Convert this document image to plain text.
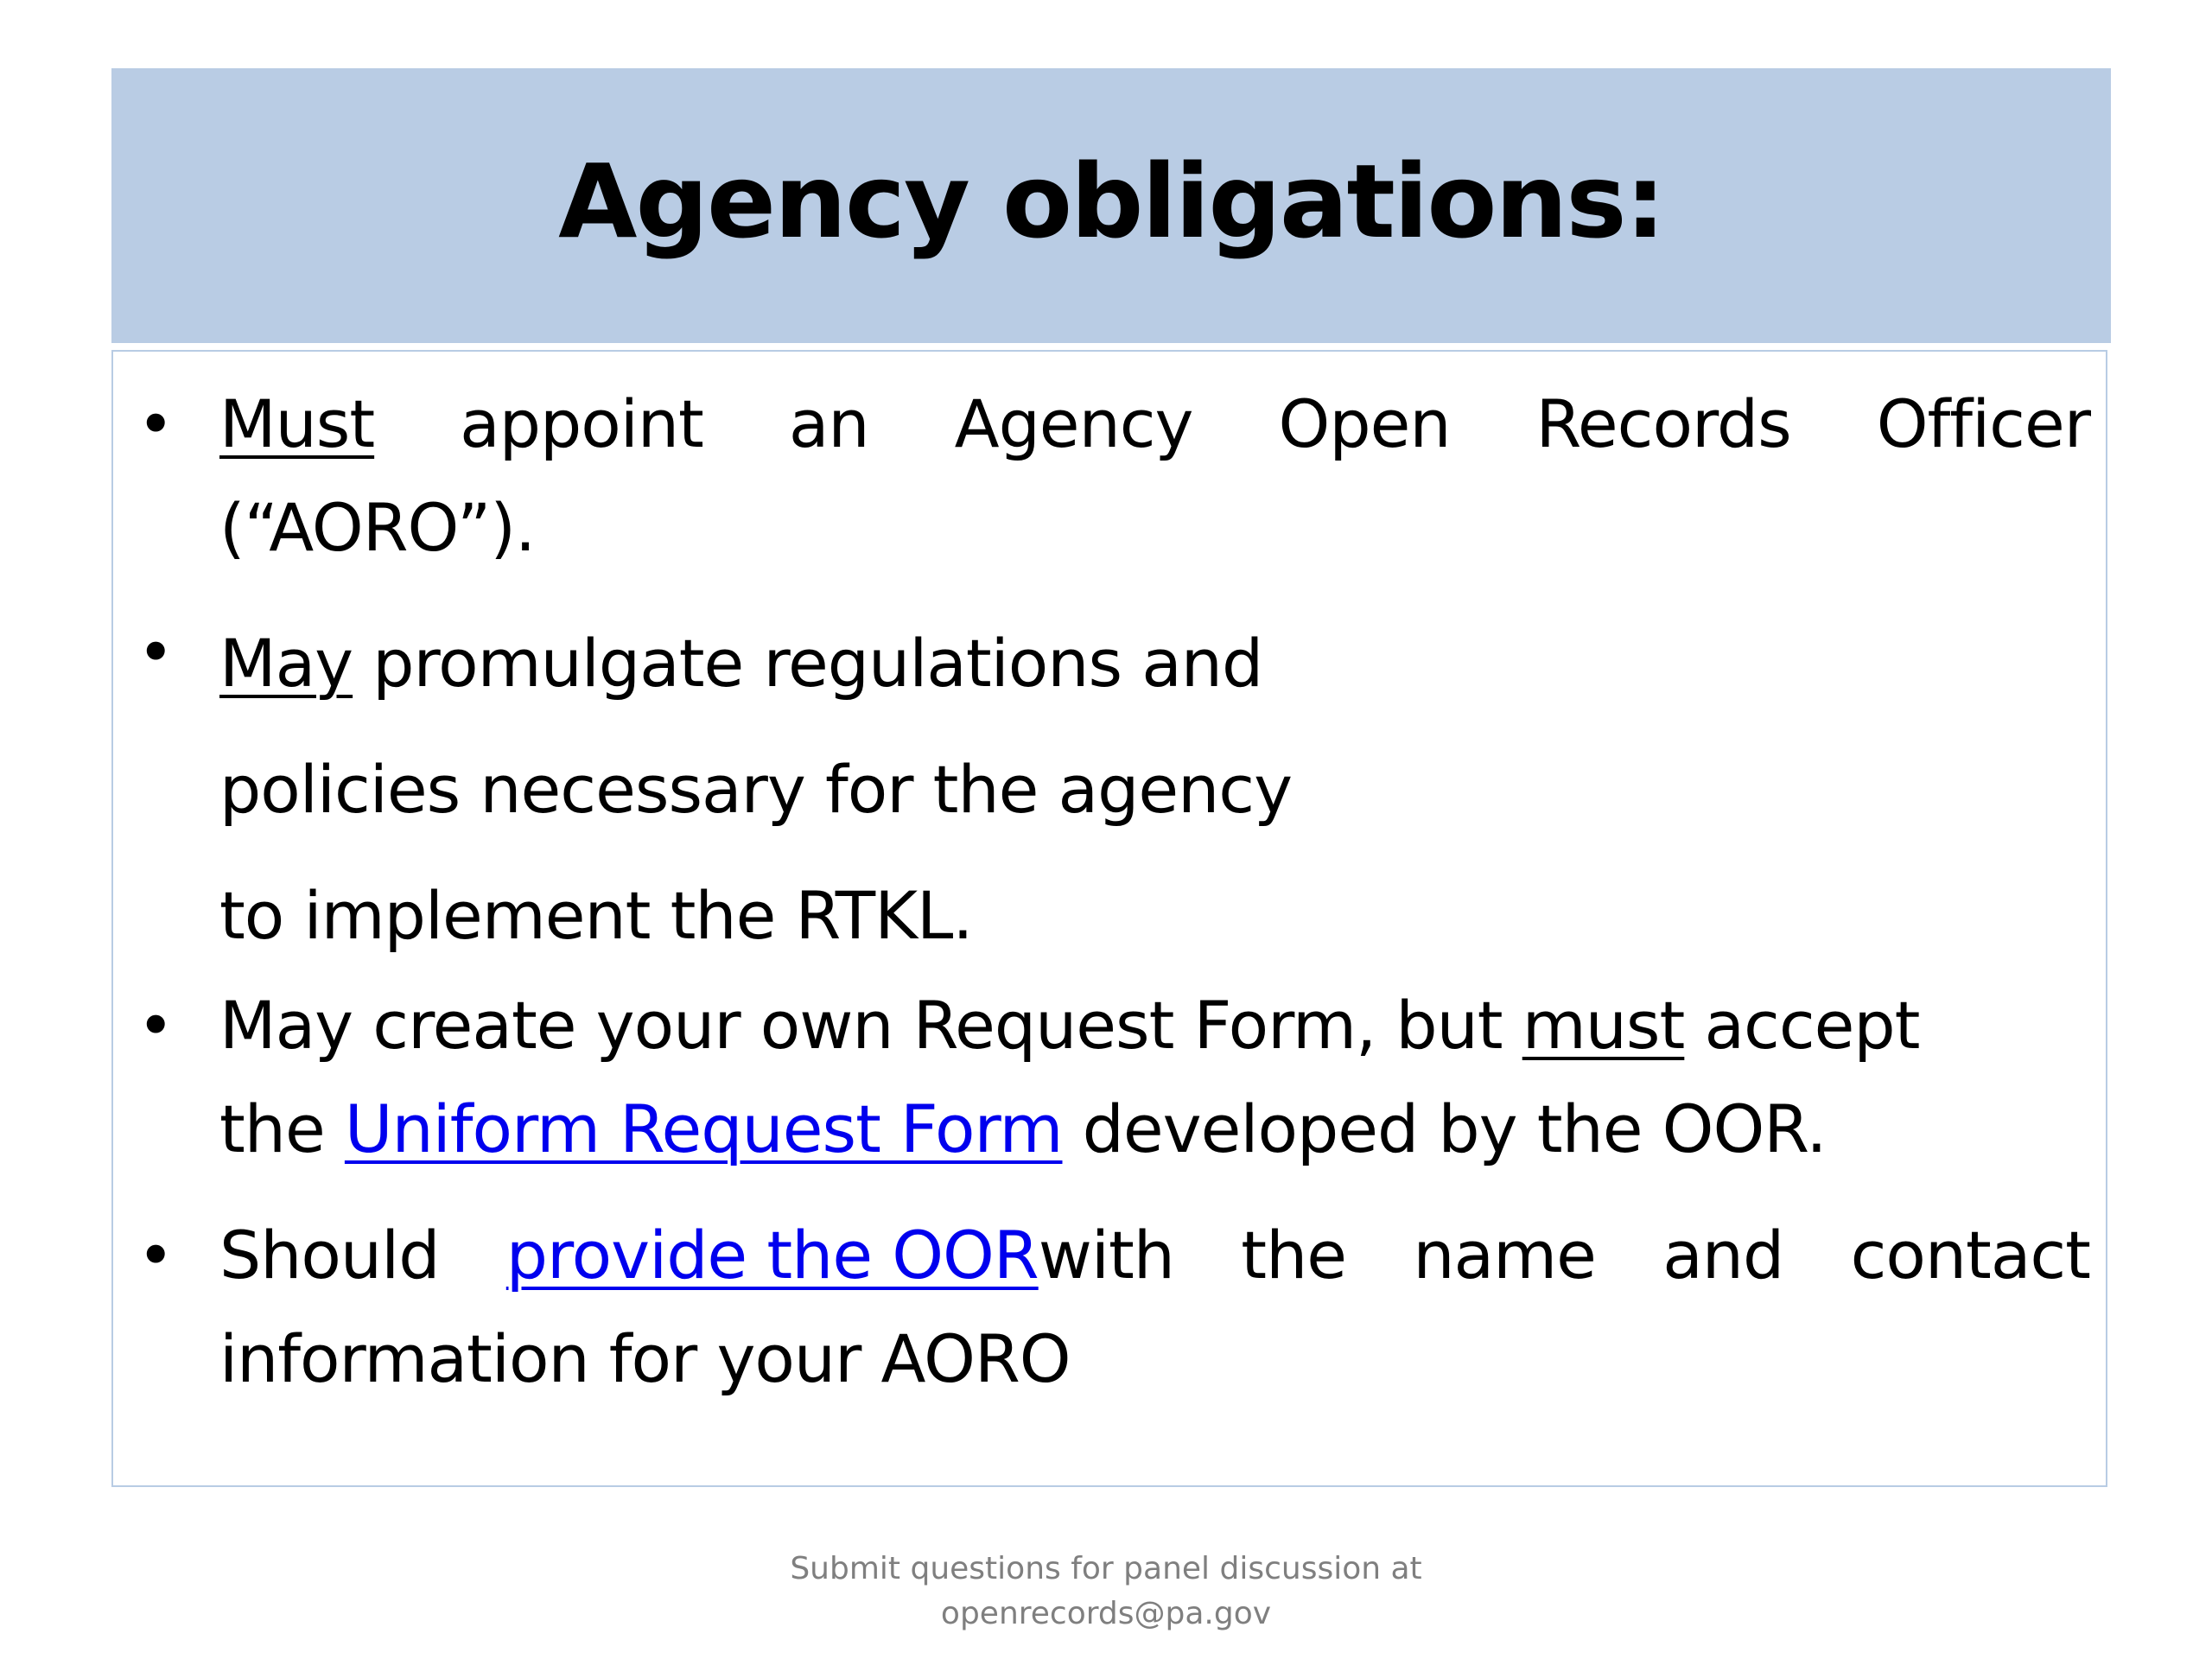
Agency obligations:
• Must appoint an Agency Open Records Officer
(“AORO”).
• May promulgate regulations and
policies necessary for the agency
to implement the RTKL.
• May create your own Request Form, but must accept
the Uniform Request Form developed by the OOR.
• Should provide the OORwith the name and contact
information for your AORO
Submit questions for panel discussion at
openrecords@pa.gov
